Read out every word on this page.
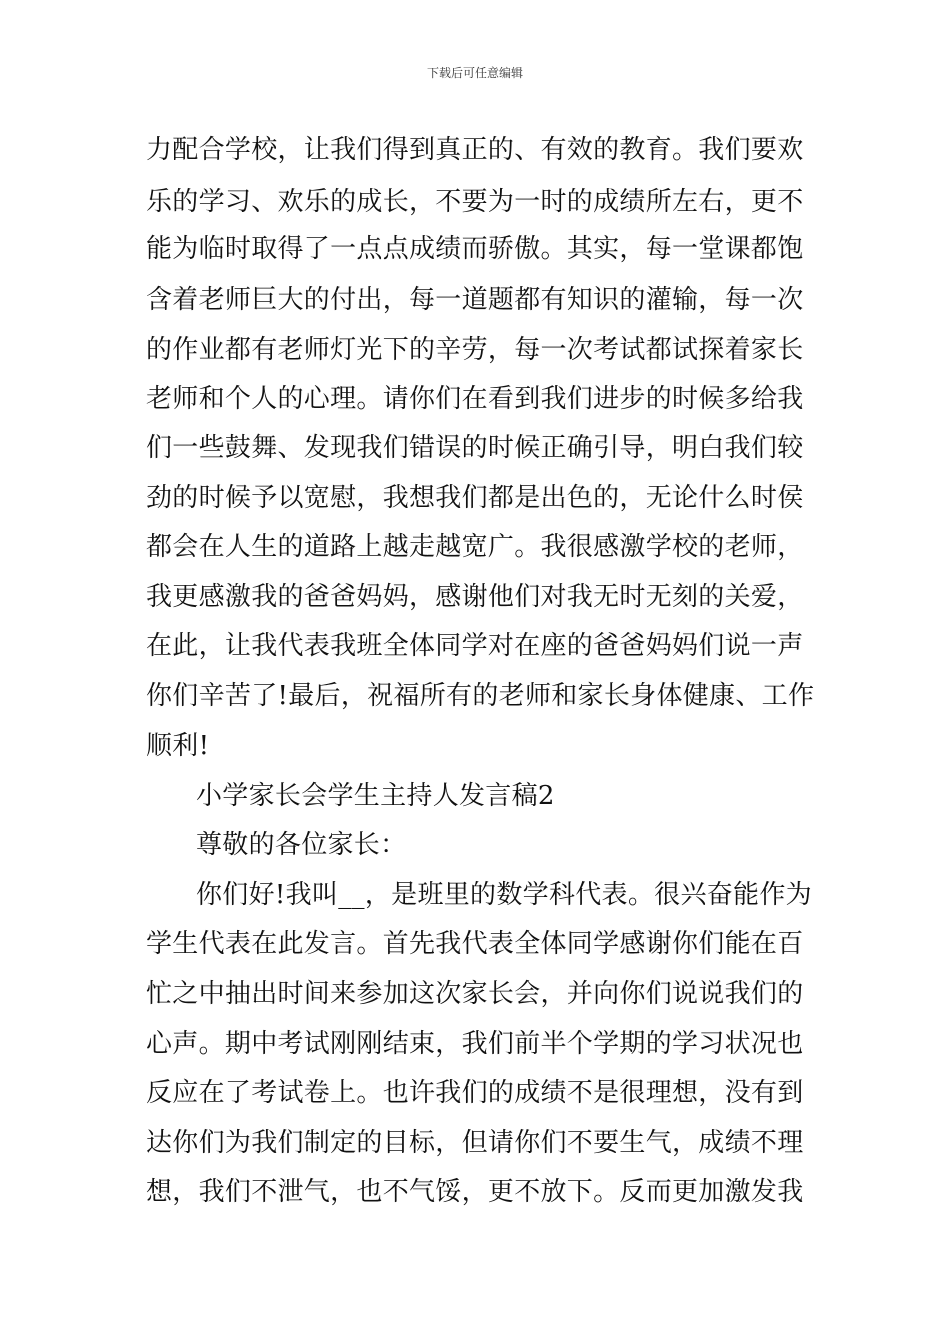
下载后可任意编辑
力配合学校，让我们得到真正的、有效的教育。我们要欢
乐的学习、欢乐的成长，不要为一时的成绩所左右，更不
能为临时取得了一点点成绩而骄傲。其实，每一堂课都饱
含着老师巨大的付出，每一道题都有知识的灌输，每一次
的作业都有老师灯光下的辛劳，每一次考试都试探着家长
老师和个人的心理。请你们在看到我们进步的时候多给我
们一些鼓舞、发现我们错误的时候正确引导，明白我们较
劲的时候予以宽慰，我想我们都是出色的，无论什么时侯
都会在人生的道路上越走越宽广。我很感激学校的老师，
我更感激我的爸爸妈妈，感谢他们对我无时无刻的关爱，
在此，让我代表我班全体同学对在座的爸爸妈妈们说一声
你们辛苦了!最后，祝福所有的老师和家长身体健康、工作
顺利!
小学家长会学生主持人发言稿2
尊敬的各位家长：
你们好!我叫__，是班里的数学科代表。很兴奋能作为
学生代表在此发言。首先我代表全体同学感谢你们能在百
忙之中抽出时间来参加这次家长会，并向你们说说我们的
心声。期中考试刚刚结束，我们前半个学期的学习状况也
反应在了考试卷上。也许我们的成绩不是很理想，没有到
达你们为我们制定的目标，但请你们不要生气，成绩不理
想，我们不泄气，也不气馁，更不放下。反而更加激发我
